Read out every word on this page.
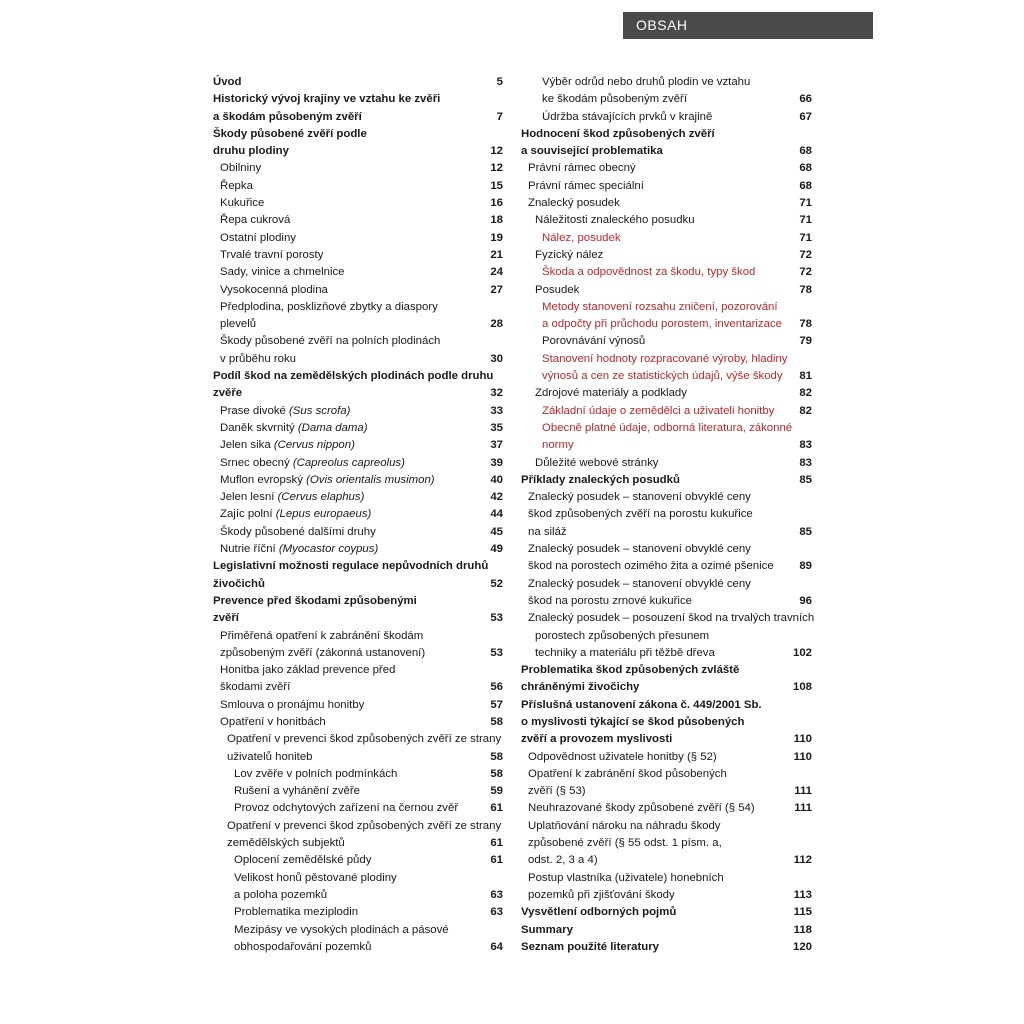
OBSAH
Úvod	5
Historický vývoj krajiny ve vztahu ke zvěři
a škodám působeným zvěří	7
Škody působené zvěří podle
druhu plodiny	12
Obilniny	12
Řepka	15
Kukuřice	16
Řepa cukrová	18
Ostatní plodiny	19
Trvalé travní porosty	21
Sady, vinice a chmelnice	24
Vysokocenná plodina	27
Předplodina, posklizňové zbytky a diaspory
plevelů	28
Škody působené zvěří na polních plodinách
v průběhu roku	30
Podíl škod na zemědělských plodinách podle druhu
zvěře	32
Prase divoké (Sus scrofa)	33
Daněk skvrnitý (Dama dama)	35
Jelen sika (Cervus nippon)	37
Srnec obecný (Capreolus capreolus)	39
Muflon evropský (Ovis orientalis musimon)	40
Jelen lesní (Cervus elaphus)	42
Zajíc polní (Lepus europaeus)	44
Škody působené dalšími druhy	45
Nutrie říční (Myocastor coypus)	49
Legislativní možnosti regulace nepůvodních druhů
živočichů	52
Prevence před škodami způsobenými
zvěří	53
Přiměřená opatření k zabránění škodám
způsobeným zvěří (zákonná ustanovení)	53
Honitba jako základ prevence před
škodami zvěří	56
Smlouva o pronájmu honitby	57
Opatření v honitbách	58
Opatření v prevenci škod způsobených zvěří ze strany
uživatelů honiteb	58
Lov zvěře v polních podmínkách	58
Rušení a vyhánění zvěře	59
Provoz odchytových zařízení na černou zvěř	61
Opatření v prevenci škod způsobených zvěří ze strany
zemědělských subjektů	61
Oplocení zemědělské půdy	61
Velikost honů pěstované plodiny
a poloha pozemků	63
Problematika meziplodin	63
Mezipásy ve vysokých plodinách a pásové
obhospodařování pozemků	64
Výběr odrůd nebo druhů plodin ve vztahu
ke škodám působeným zvěří	66
Údržba stávajících prvků v krajině	67
Hodnocení škod způsobených zvěří
a související problematika	68
Právní rámec obecný	68
Právní rámec speciální	68
Znalecký posudek	71
Náležitosti znaleckého posudku	71
Nález, posudek	71
Fyzický nález	72
Škoda a odpovědnost za škodu, typy škod	72
Posudek	78
Metody stanovení rozsahu zničení, pozorování
a odpočty při průchodu porostem, inventarizace 78
Porovnávání výnosů	79
Stanovení hodnoty rozpracované výroby, hladiny
výnosů a cen ze statistických údajů, výše škody 81
Zdrojové materiály a podklady	82
Základní údaje o zemědělci a uživateli honitby 82
Obecně platné údaje, odborná literatura, zákonné
normy	83
Důležité webové stránky	83
Příklady znaleckých posudků	85
Znalecký posudek – stanovení obvyklé ceny
škod způsobených zvěří na porostu kukuřice
na siláž	85
Znalecký posudek – stanovení obvyklé ceny
škod na porostech ozimého žita a ozimé pšenice 89
Znalecký posudek – stanovení obvyklé ceny
škod na porostu zrnové kukuřice	96
Znalecký posudek – posouzení škod na trvalých travních
porostech způsobených přesunem
techniky a materiálu při těžbě dřeva	102
Problematika škod způsobených zvláště
chráněnými živočichy	108
Příslušná ustanovení zákona č. 449/2001 Sb.
o myslivosti týkající se škod působených
zvěří a provozem myslivosti	110
Odpovědnost uživatele honitby (§ 52)	110
Opatření k zabránění škod působených
zvěří (§ 53)	111
Neuhrazované škody způsobené zvěří (§ 54)	111
Uplatňování nároku na náhradu škody
způsobené zvěří (§ 55 odst. 1 písm. a,
odst. 2, 3 a 4)	112
Postup vlastníka (uživatele) honebních
pozemků při zjišťování škody	113
Vysvětlení odborných pojmů	115
Summary	118
Seznam použité literatury	120
